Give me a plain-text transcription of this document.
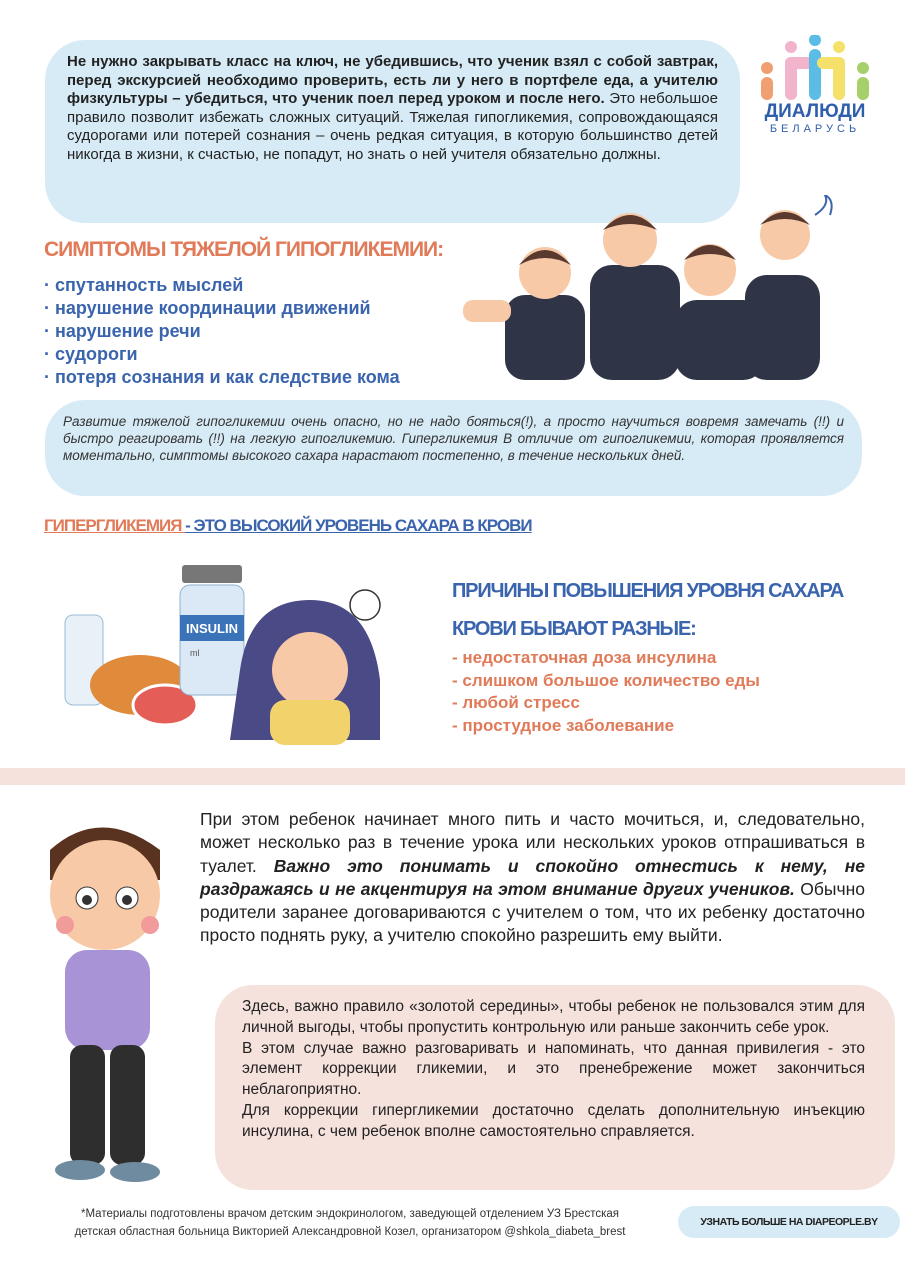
Не нужно закрывать класс на ключ, не убедившись, что ученик взял с собой завтрак, перед экскурсией необходимо проверить, есть ли у него в портфеле еда, а учителю физкультуры – убедиться, что ученик поел перед уроком и после него. Это небольшое правило позволит избежать сложных ситуаций. Тяжелая гипогликемия, сопровождающаяся судорогами или потерей сознания – очень редкая ситуация, в которую большинство детей никогда в жизни, к счастью, не попадут, но знать о ней учителя обязательно должны.
ДИАЛЮДИ
БЕЛАРУСЬ
СИМПТОМЫ ТЯЖЕЛОЙ ГИПОГЛИКЕМИИ:
· спутанность мыслей
· нарушение координации движений
· нарушение речи
· судороги
· потеря сознания и как следствие кома
Развитие тяжелой гипогликемии очень опасно, но не надо бояться(!), а просто научиться вовремя замечать (!!) и быстро реагировать (!!) на легкую гипогликемию. Гипергликемия В отличие от гипогликемии, которая проявляется моментально, симптомы высокого сахара нарастают постепенно, в течение нескольких дней.
ГИПЕРГЛИКЕМИЯ - ЭТО ВЫСОКИЙ УРОВЕНЬ САХАРА В КРОВИ
INSULIN
ml
ПРИЧИНЫ ПОВЫШЕНИЯ УРОВНЯ САХАРА
КРОВИ БЫВАЮТ РАЗНЫЕ:
- недостаточная доза инсулина
- слишком большое количество еды
- любой стресс
- простудное заболевание
При этом ребенок начинает много пить и часто мочиться, и, следовательно, может несколько раз в течение урока или нескольких уроков отпрашиваться в туалет. Важно это понимать и спокойно отнестись к нему, не раздражаясь и не акцентируя на этом внимание других учеников. Обычно родители заранее договариваются с учителем о том, что их ребенку достаточно просто поднять руку, а учителю спокойно разрешить ему выйти.

Здесь, важно правило «золотой середины», чтобы ребенок не пользовался этим для личной выгоды, чтобы пропустить контрольную или раньше закончить себе урок.

В этом случае важно разговаривать и напоминать, что данная привилегия - это элемент коррекции гликемии, и это пренебрежение может закончиться неблагоприятно.

Для коррекции гипергликемии достаточно сделать дополнительную инъекцию инсулина, с чем ребенок вполне самостоятельно справляется.

*Материалы подготовлены врачом детским эндокринологом, заведующей отделением УЗ Брестская
детская областная больница Викторией Александровной Козел, организатором @shkola_diabeta_brest
УЗНАТЬ БОЛЬШЕ НА DIAPEOPLE.BY
